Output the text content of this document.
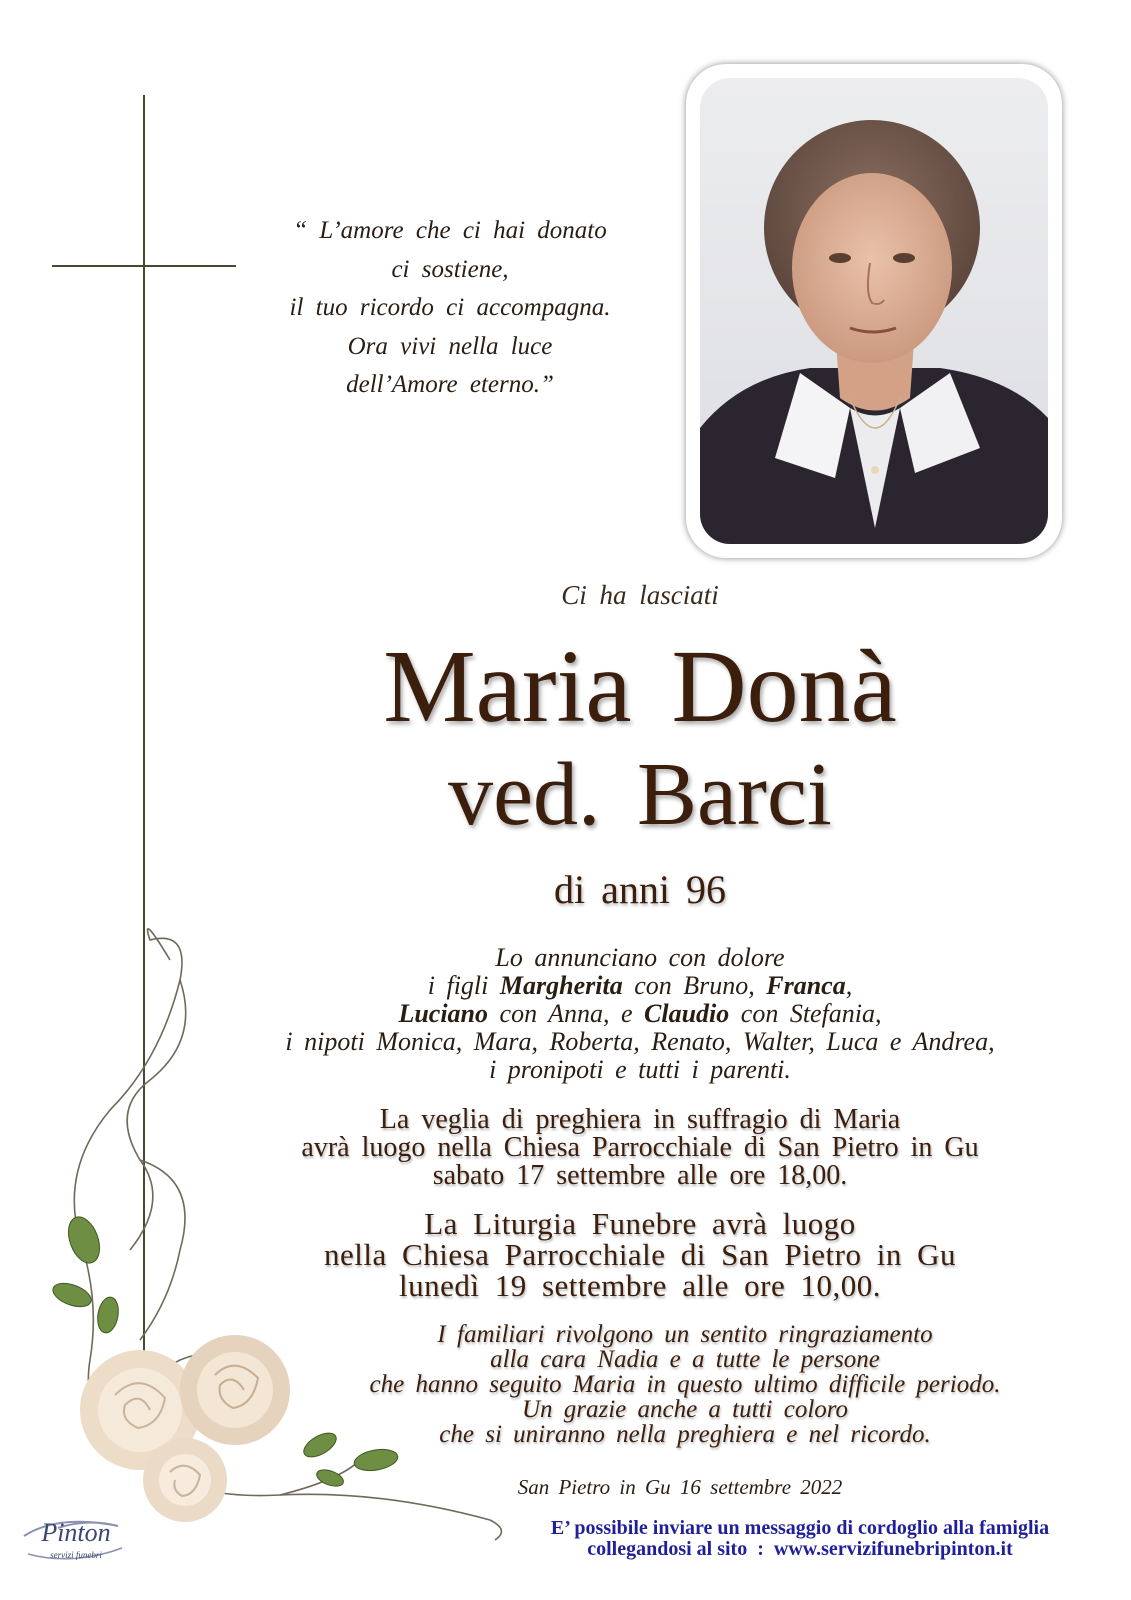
“ L’amore che ci hai donato
ci sostiene,
il tuo ricordo ci accompagna.
Ora vivi nella luce
dell’Amore eterno.”
Ci ha lasciati
Maria Donà
ved. Barci
di anni 96
Lo annunciano con dolore
i figli Margherita con Bruno, Franca,
Luciano con Anna, e Claudio con Stefania,
i nipoti Monica, Mara, Roberta, Renato, Walter, Luca e Andrea,
i pronipoti e tutti i parenti.
La veglia di preghiera in suffragio di Maria
avrà luogo nella Chiesa Parrocchiale di San Pietro in Gu
sabato 17 settembre alle ore 18,00.
La Liturgia Funebre avrà luogo
nella Chiesa Parrocchiale di San Pietro in Gu
lunedì 19 settembre alle ore 10,00.
I familiari rivolgono un sentito ringraziamento
alla cara Nadia e a tutte le persone
che hanno seguito Maria in questo ultimo difficile periodo.
Un grazie anche a tutti coloro
che si uniranno nella preghiera e nel ricordo.
San Pietro in Gu 16 settembre 2022
Pinton
servizi funebri
E’ possibile inviare un messaggio di cordoglio alla famiglia
collegandosi al sito  :  www.servizifunebripinton.it
